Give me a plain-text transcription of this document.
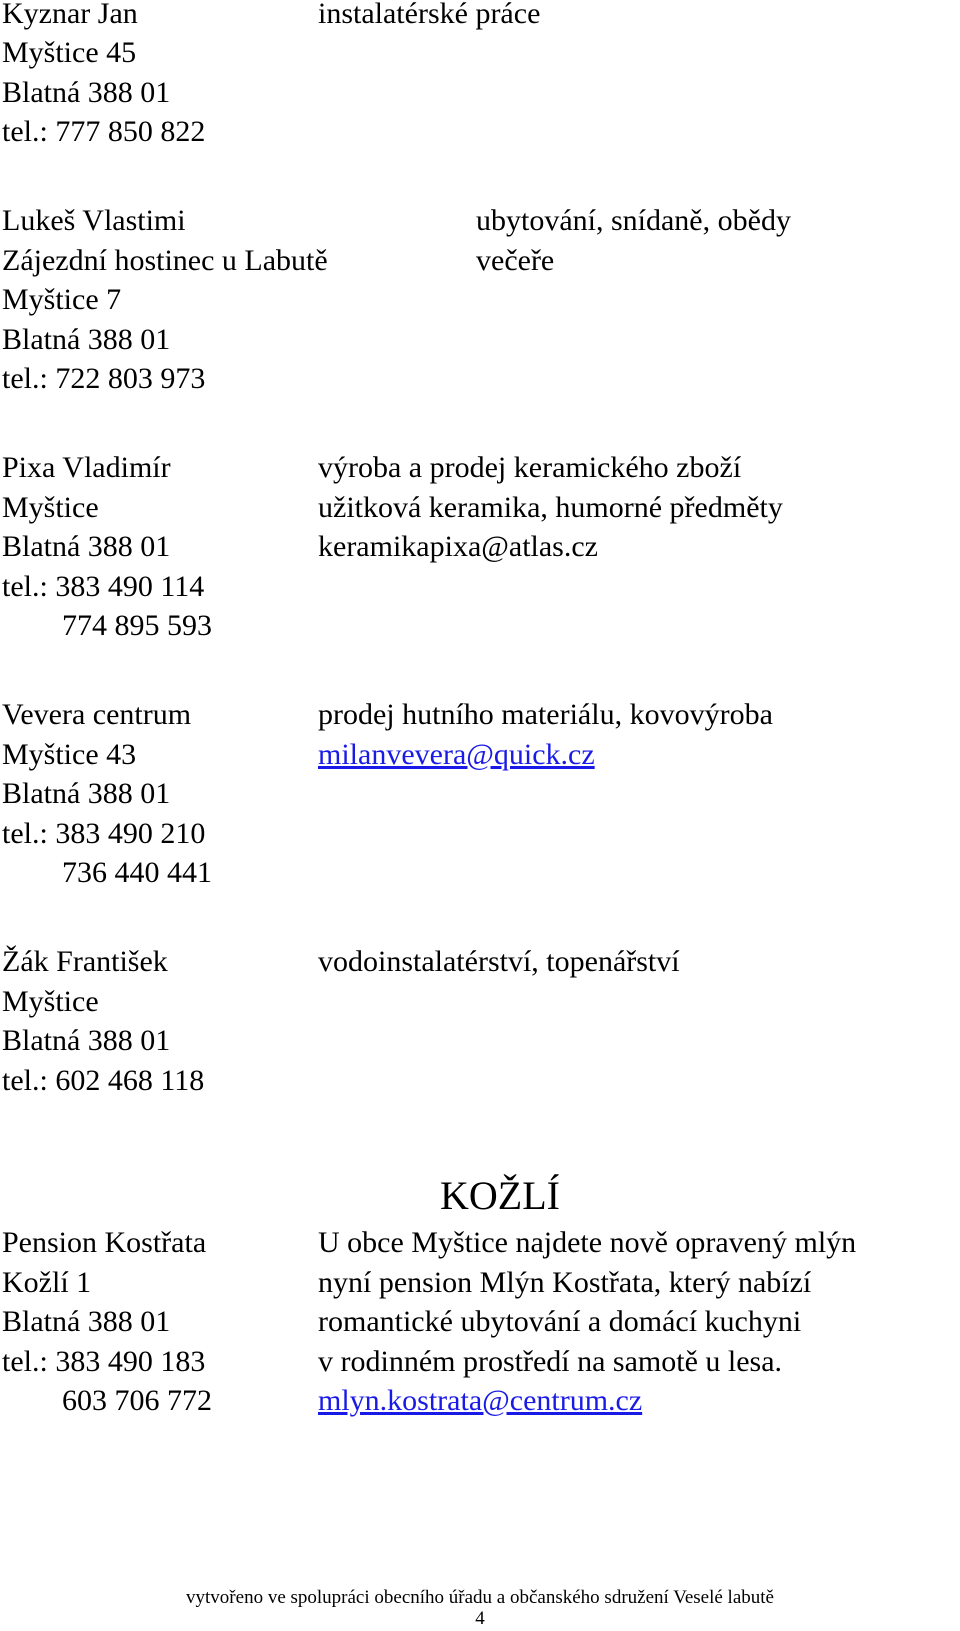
Kyznar Jan
Myštice 45
Blatná 388 01
tel.: 777 850 822
instalatérské práce
Lukeš Vlastimi
Zájezdní hostinec u Labutě
Myštice 7
Blatná 388 01
tel.: 722 803 973
ubytování, snídaně, obědy
večeře
Pixa Vladimír
Myštice
Blatná 388 01
tel.: 383 490 114
774 895 593
výroba a prodej keramického zboží
užitková keramika, humorné předměty
keramikapixa@atlas.cz
Vevera centrum
Myštice 43
Blatná 388 01
tel.: 383 490 210
736 440 441
prodej hutního materiálu, kovovýroba
milanvevera@quick.cz
Žák František
Myštice
Blatná 388 01
tel.: 602 468 118
vodoinstalatérství, topenářství
KOŽLÍ
Pension Kostřata
Kožlí 1
Blatná 388 01
tel.: 383 490 183
603 706 772
U obce Myštice najdete nově opravený mlýn
nyní pension Mlýn Kostřata, který nabízí
romantické ubytování a domácí kuchyni
v rodinném prostředí na samotě u lesa.
mlyn.kostrata@centrum.cz
vytvořeno ve spolupráci obecního úřadu a občanského sdružení Veselé labutě
4
